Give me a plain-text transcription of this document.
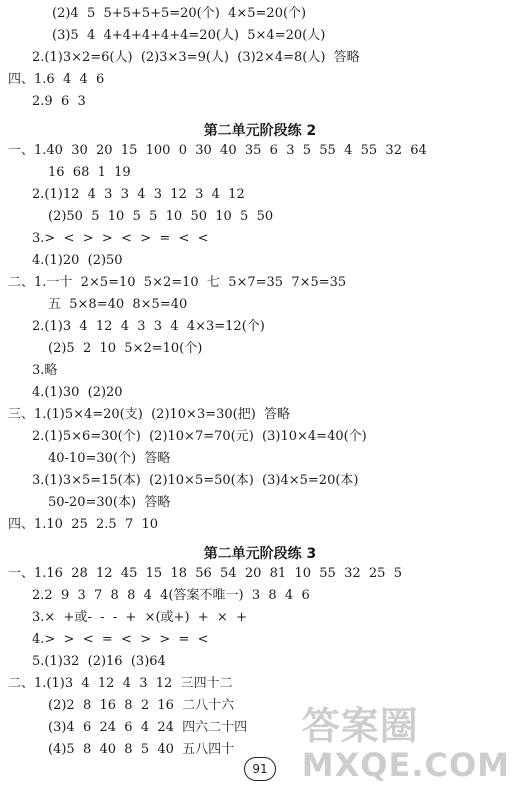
(2)4  5  5+5+5+5=20(个)  4×5=20(个)
(3)5  4  4+4+4+4+4=20(人)  5×4=20(人)
2.(1)3×2=6(人)  (2)3×3=9(人)  (3)2×4=8(人)  答略
四、1.6  4  4  6
2.9  6  3
一、1.40  30  20  15  100  0  30  40  35  6  3  5  55  4  55  32  64
16  68  1  19
2.(1)12  4  3  3  4  3  12  3  4  12
(2)50  5  10  5  5  10  50  10  5  50
3.>  <  >  >  <  >  =  <  <
4.(1)20  (2)50
二、1.一十  2×5=10  5×2=10  七  5×7=35  7×5=35
五  5×8=40  8×5=40
2.(1)3  4  12  4  3  3  4  4×3=12(个)
(2)5  2  10  5×2=10(个)
3.略
4.(1)30  (2)20
三、1.(1)5×4=20(支)  (2)10×3=30(把)  答略
2.(1)5×6=30(个)  (2)10×7=70(元)  (3)10×4=40(个)
40-10=30(个)  答略
3.(1)3×5=15(本)  (2)10×5=50(本)  (3)4×5=20(本)
50-20=30(本)  答略
四、1.10  25  2.5  7  10
一、1.16  28  12  45  15  18  56  54  20  81  10  55  32  25  5
2.2  9  3  7  8  8  4  4(答案不唯一)  3  8  4  6
3.×  +或-  -  -  +  ×(或+)  +  ×  +
4.>  >  <  =  <  >  >  =  <
5.(1)32  (2)16  (3)64
二、1.(1)3  4  12  4  3  12  三四十二
(2)2  8  16  8  2  16  二八十六
(3)4  6  24  6  4  24  四六二十四
(4)5  8  40  8  5  40  五八四十
第二单元阶段练 2
第二单元阶段练 3
91
答案圈
MXQE.COM
